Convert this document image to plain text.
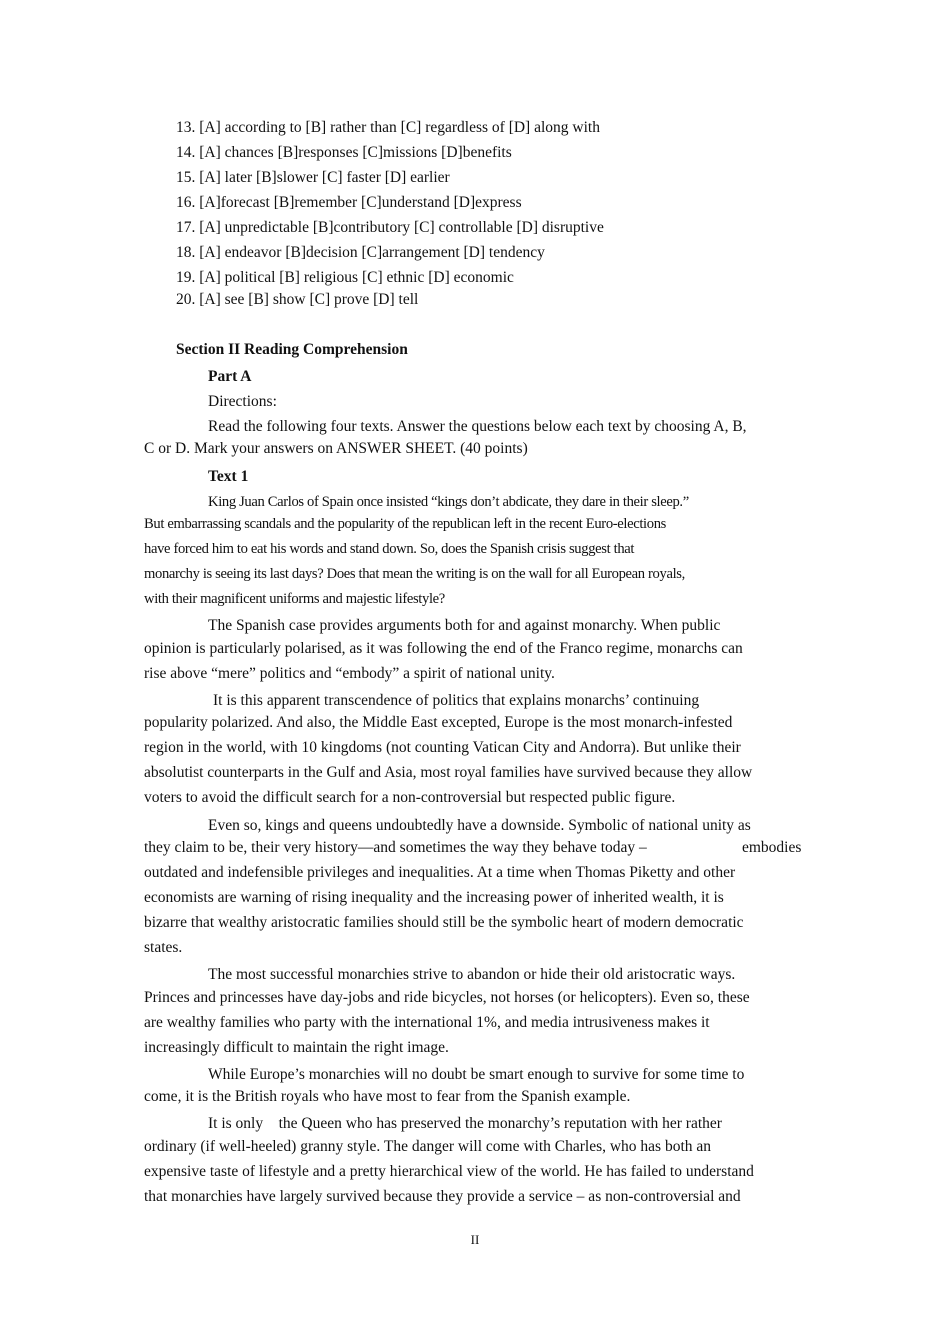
13. [A] according to [B] rather than [C] regardless of [D] along with
14. [A] chances [B]responses [C]missions [D]benefits
15. [A] later [B]slower [C] faster [D] earlier
16. [A]forecast [B]remember [C]understand [D]express
17. [A] unpredictable [B]contributory [C] controllable [D] disruptive
18. [A] endeavor [B]decision [C]arrangement [D] tendency
19. [A] political [B] religious [C] ethnic [D] economic
20. [A] see [B] show [C] prove [D] tell
Section II Reading Comprehension
Part A
Directions:
Read the following four texts. Answer the questions below each text by choosing A, B,
C or D. Mark your answers on ANSWER SHEET. (40 points)
Text 1
King Juan Carlos of Spain once insisted “kings don’t abdicate, they dare in their sleep.”
But embarrassing scandals and the popularity of the republican left in the recent Euro-elections
have forced him to eat his words and stand down. So, does the Spanish crisis suggest that
monarchy is seeing its last days? Does that mean the writing is on the wall for all European royals,
with their magnificent uniforms and majestic lifestyle?
The Spanish case provides arguments both for and against monarchy. When public
opinion is particularly polarised, as it was following the end of the Franco regime, monarchs can
rise above “mere” politics and “embody” a spirit of national unity.
It is this apparent transcendence of politics that explains monarchs’ continuing
popularity polarized. And also, the Middle East excepted, Europe is the most monarch-infested
region in the world, with 10 kingdoms (not counting Vatican City and Andorra). But unlike their
absolutist counterparts in the Gulf and Asia, most royal families have survived because they allow
voters to avoid the difficult search for a non-controversial but respected public figure.
Even so, kings and queens undoubtedly have a downside. Symbolic of national unity as
they claim to be, their very history—and sometimes the way they behave today –	embodies
outdated and indefensible privileges and inequalities. At a time when Thomas Piketty and other
economists are warning of rising inequality and the increasing power of inherited wealth, it is
bizarre that wealthy aristocratic families should still be the symbolic heart of modern democratic
states.
The most successful monarchies strive to abandon or hide their old aristocratic ways.
Princes and princesses have day-jobs and ride bicycles, not horses (or helicopters). Even so, these
are wealthy families who party with the international 1%, and media intrusiveness makes it
increasingly difficult to maintain the right image.
While Europe’s monarchies will no doubt be smart enough to survive for some time to
come, it is the British royals who have most to fear from the Spanish example.
It is only    the Queen who has preserved the monarchy’s reputation with her rather
ordinary (if well-heeled) granny style. The danger will come with Charles, who has both an
expensive taste of lifestyle and a pretty hierarchical view of the world. He has failed to understand
that monarchies have largely survived because they provide a service – as non-controversial and
II
